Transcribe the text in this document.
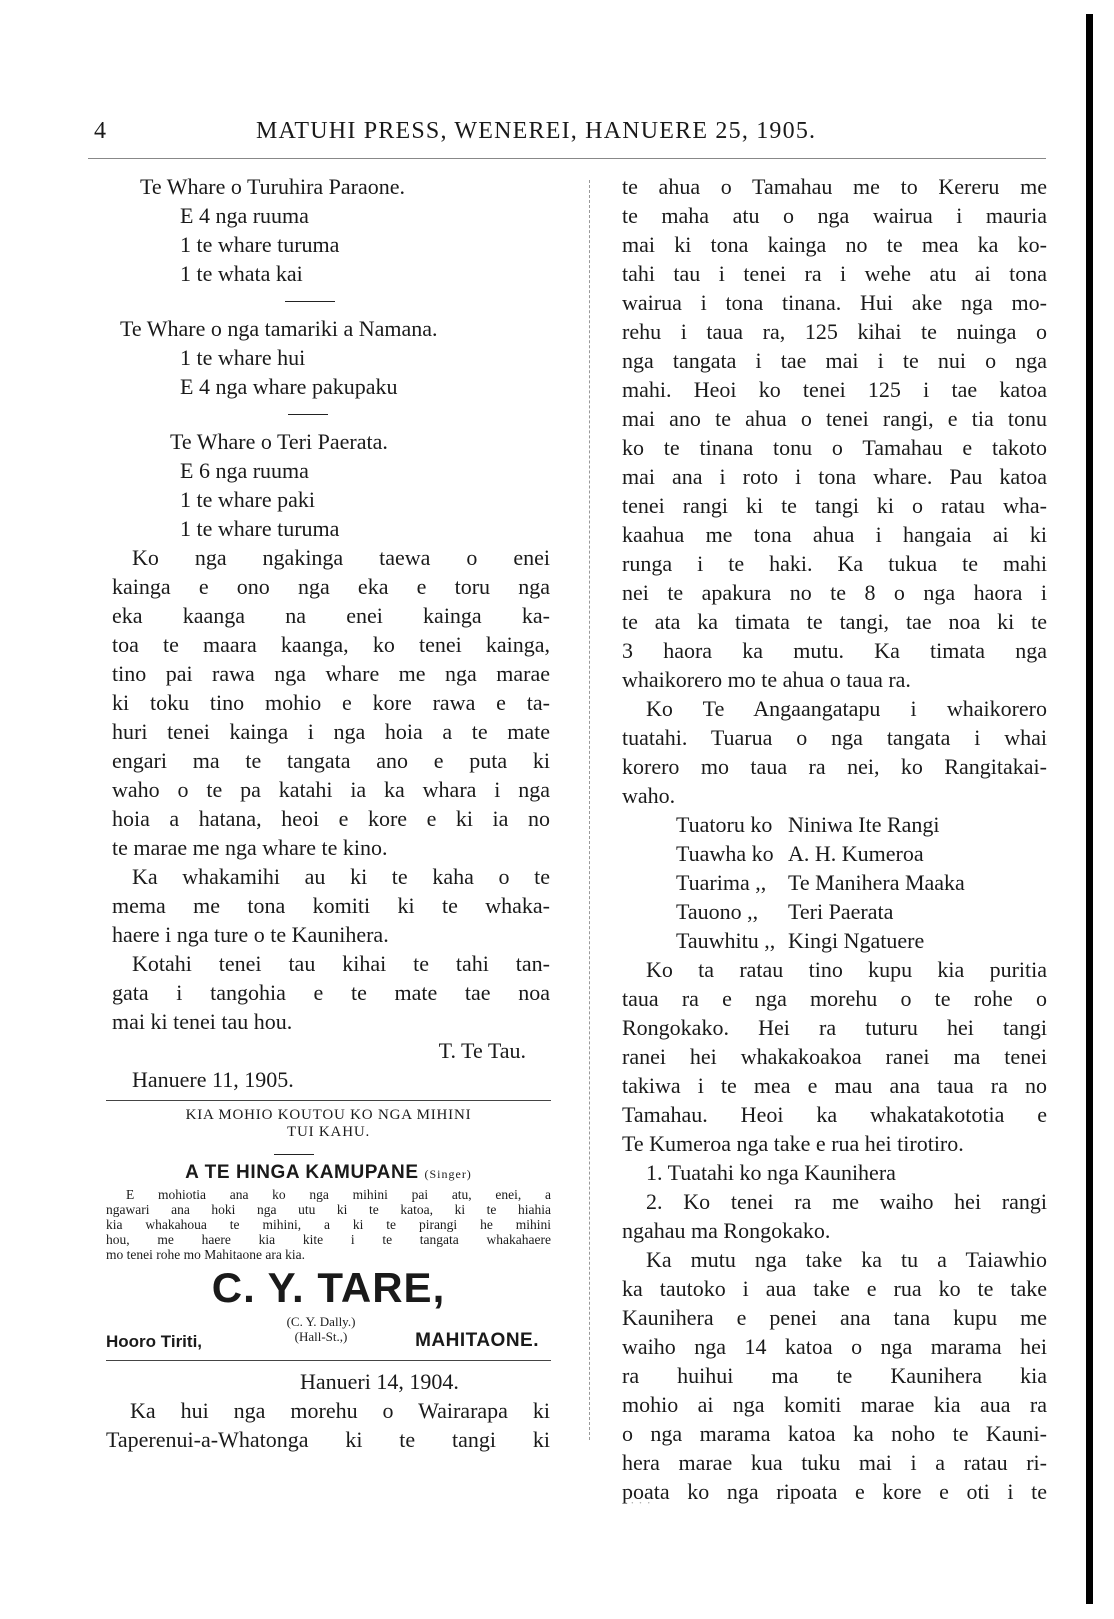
4	MATUHI PRESS, WENEREI, HANUERE 25, 1905.
Te Whare o Turuhira Paraone.
E 4 nga ruuma
1 te whare turuma
1 te whata kai
Te Whare o nga tamariki a Namana.
1 te whare hui
E 4 nga whare pakupaku
Te Whare o Teri Paerata.
E 6 nga ruuma
1 te whare paki
1 te whare turuma
Ko nga ngakinga taewa o enei
kainga e ono nga eka e toru nga
eka kaanga na enei kainga ka-
toa te maara kaanga, ko tenei kainga,
tino pai rawa nga whare me nga marae
ki toku tino mohio e kore rawa e ta-
huri tenei kainga i nga hoia a te mate
engari ma te tangata ano e puta ki
waho o te pa katahi ia ka whara i nga
hoia a hatana, heoi e kore e ki ia no
te marae me nga whare te kino.
Ka whakamihi au ki te kaha o te
mema me tona komiti ki te whaka-
haere i nga ture o te Kaunihera.
Kotahi tenei tau kihai te tahi tan-
gata i tangohia e te mate tae noa
mai ki tenei tau hou.
T. Te Tau.
Hanuere 11, 1905.
KIA MOHIO KOUTOU KO NGA MIHINI
TUI KAHU.
A TE HINGA KAMUPANE (Singer)
E mohiotia ana ko nga mihini pai atu, enei, a
ngawari ana hoki nga utu ki te katoa, ki te hiahia
kia whakahoua te mihini, a ki te pirangi he mihini
hou, me haere kia kite i te tangata whakahaere
mo tenei rohe mo Mahitaone ara kia.
C. Y. TARE,
Hooro Tiriti,
(C. Y. Dally.)
(Hall-St.,)	MAHITAONE.
Hanueri 14, 1904.
Ka hui nga morehu o Wairarapa ki
Taperenui-a-Whatonga ki te tangi ki
te ahua o Tamahau me to Kereru me
te maha atu o nga wairua i mauria
mai ki tona kainga no te mea ka ko-
tahi tau i tenei ra i wehe atu ai tona
wairua i tona tinana. Hui ake nga mo-
rehu i taua ra, 125 kihai te nuinga o
nga tangata i tae mai i te nui o nga
mahi. Heoi ko tenei 125 i tae katoa
mai ano te ahua o tenei rangi, e tia tonu
ko te tinana tonu o Tamahau e takoto
mai ana i roto i tona whare. Pau katoa
tenei rangi ki te tangi ki o ratau wha-
kaahua me tona ahua i hangaia ai ki
runga i te haki. Ka tukua te mahi
nei te apakura no te 8 o nga haora i
te ata ka timata te tangi, tae noa ki te
3 haora ka mutu. Ka timata nga
whaikorero mo te ahua o taua ra.
Ko Te Angaangatapu i whaikorero
tuatahi. Tuarua o nga tangata i whai
korero mo taua ra nei, ko Rangitakai-
waho.
Tuatoru ko Niniwa Ite Rangi
Tuawha ko A. H. Kumeroa
Tuarima ,, Te Manihera Maaka
Tauono ,, Teri Paerata
Tauwhitu ,, Kingi Ngatuere
Ko ta ratau tino kupu kia puritia
taua ra e nga morehu o te rohe o
Rongokako. Hei ra tuturu hei tangi
ranei hei whakakoakoa ranei ma tenei
takiwa i te mea e mau ana taua ra no
Tamahau. Heoi ka whakatakototia e
Te Kumeroa nga take e rua hei tirotiro.
1. Tuatahi ko nga Kaunihera
2. Ko tenei ra me waiho hei rangi
ngahau ma Rongokako.
Ka mutu nga take ka tu a Taiawhio
ka tautoko i aua take e rua ko te take
Kaunihera e penei ana tana kupu me
waiho nga 14 katoa o nga marama hei
ra huihui ma te Kaunihera kia
mohio ai nga komiti marae kia aua ra
o nga marama katoa ka noho te Kauni-
hera marae kua tuku mai i a ratau ri-
poata ko nga ripoata e kore e oti i te
˙ ˙ ˙
